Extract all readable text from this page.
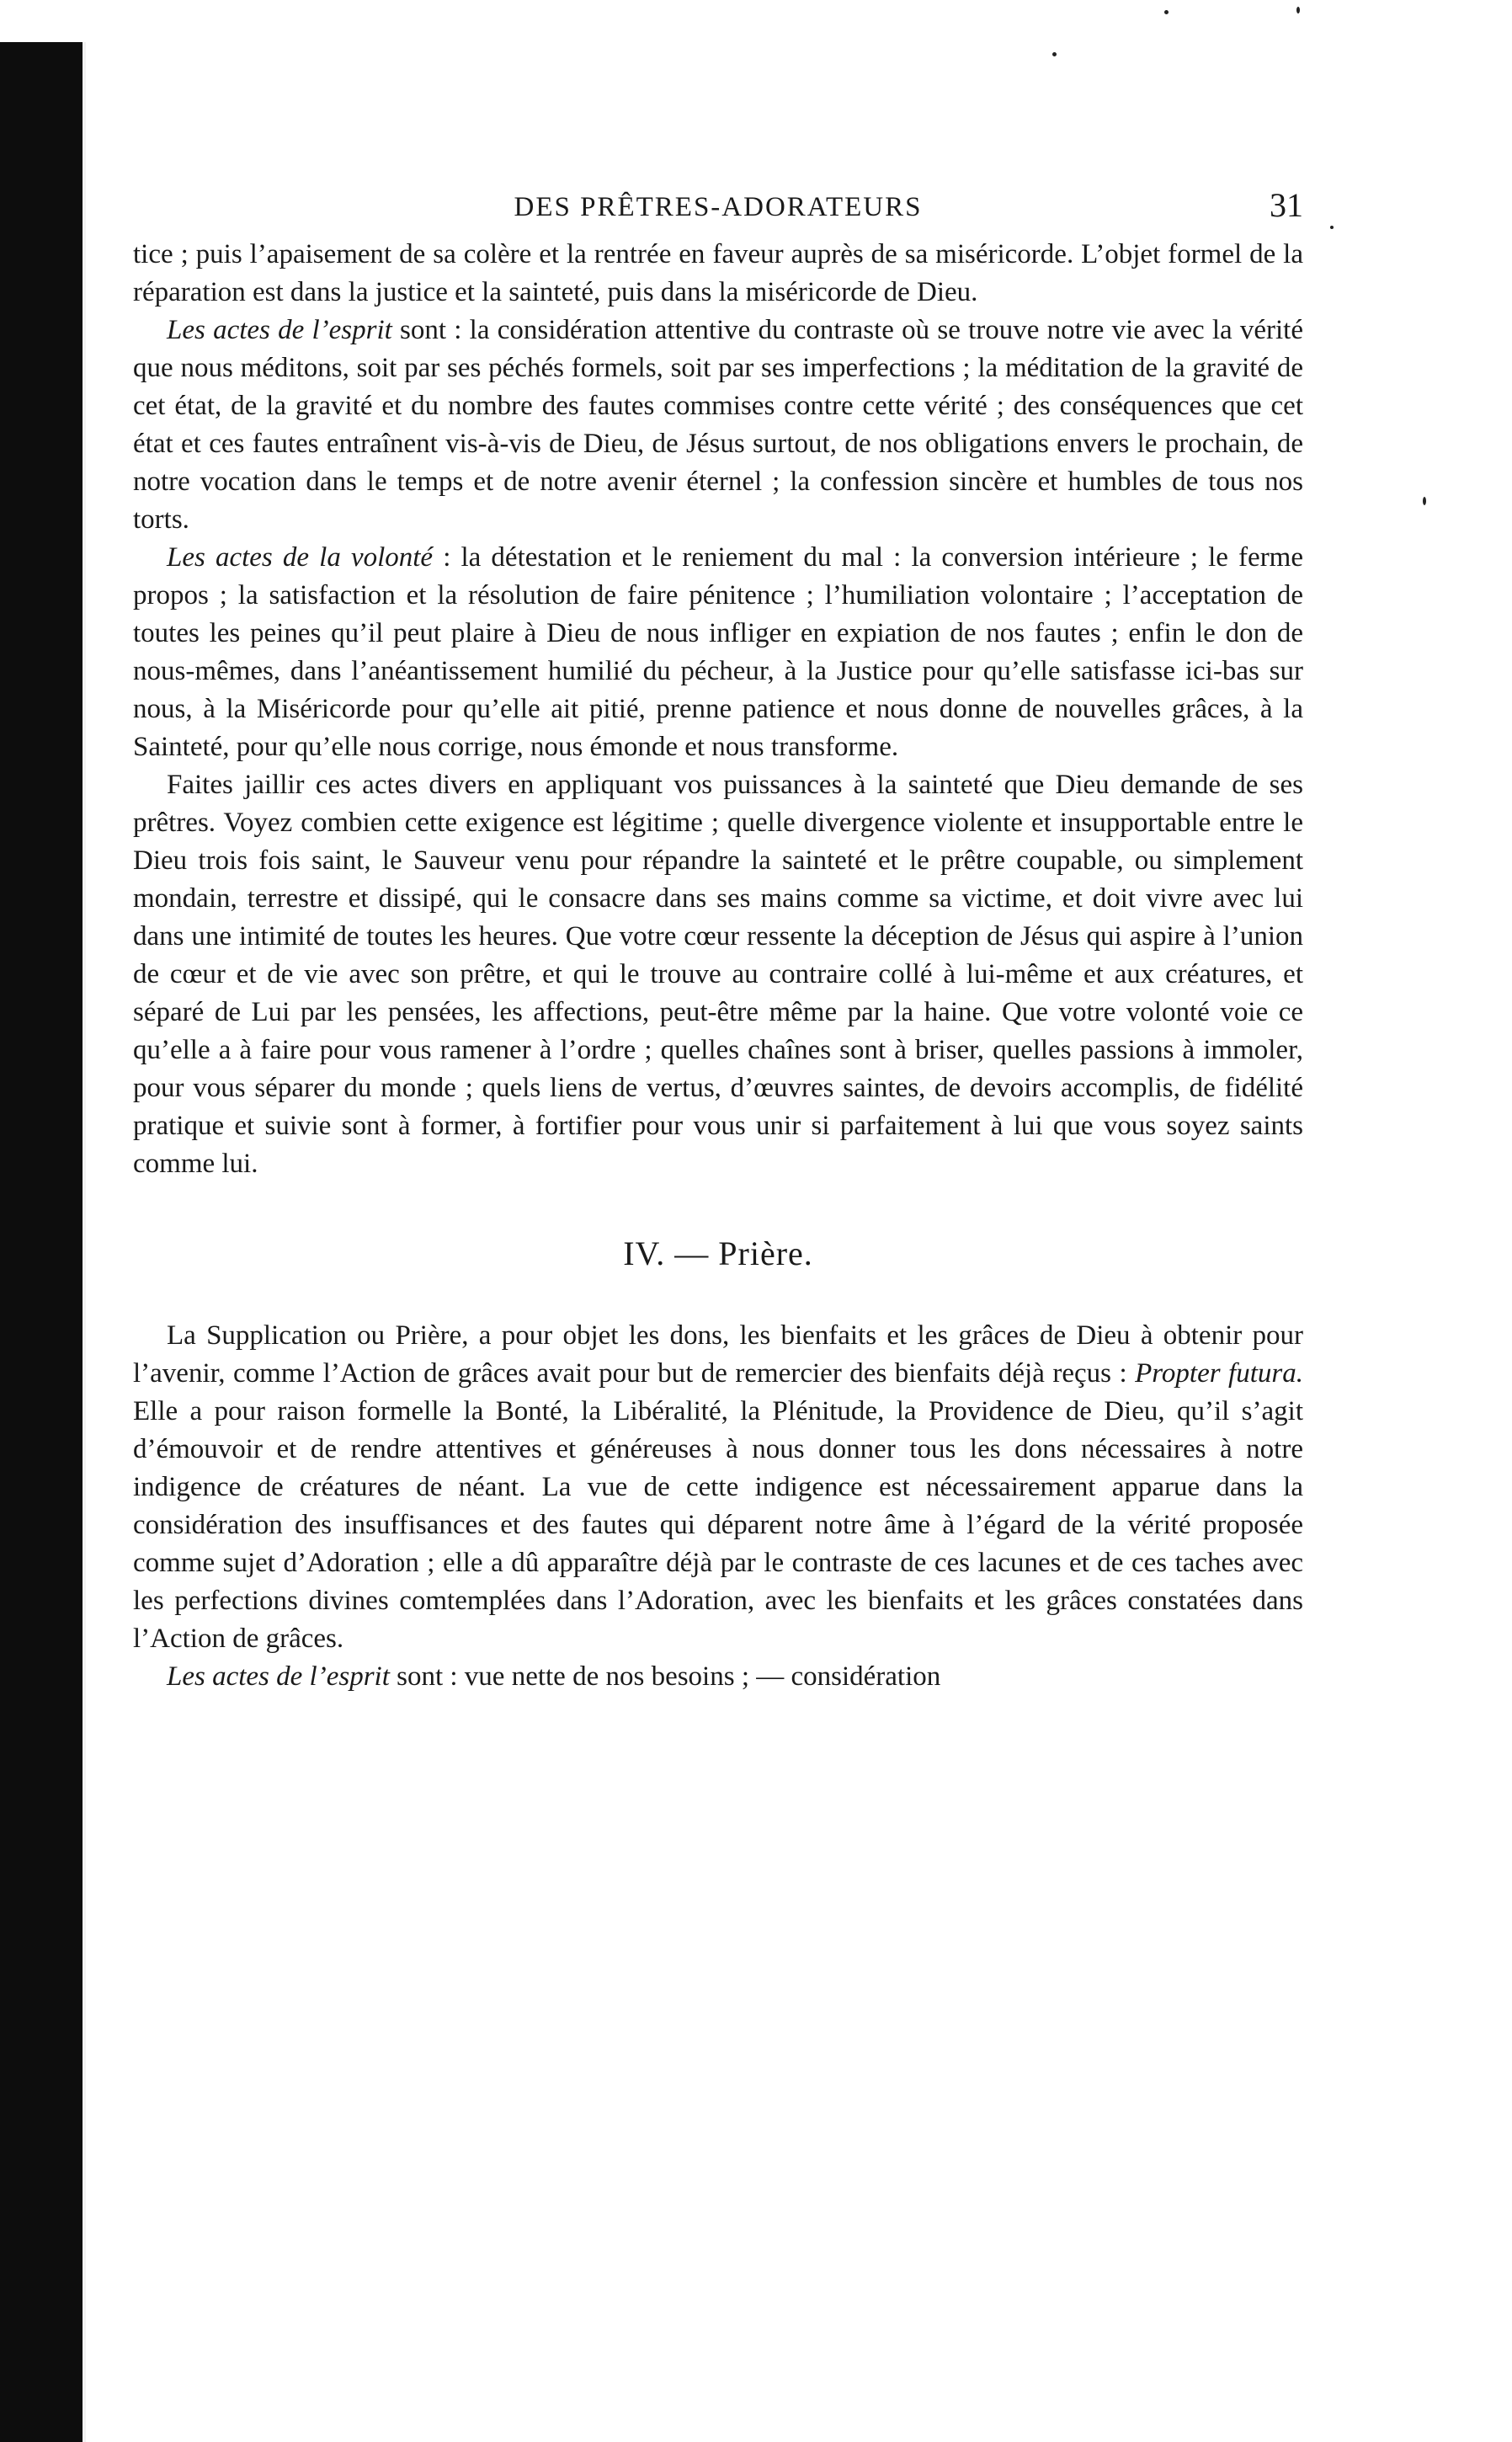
DES PRÊTRES-ADORATEURS	31

tice ; puis l’apaisement de sa colère et la rentrée en faveur auprès de sa miséricorde. L’objet formel de la réparation est dans la justice et la sainteté, puis dans la miséricorde de Dieu.

Les actes de l’esprit sont : la considération attentive du contraste où se trouve notre vie avec la vérité que nous méditons, soit par ses péchés formels, soit par ses imperfections ; la méditation de la gravité de cet état, de la gravité et du nombre des fautes commises contre cette vérité ; des conséquences que cet état et ces fautes entraînent vis-à-vis de Dieu, de Jésus surtout, de nos obligations envers le prochain, de notre vocation dans le temps et de notre avenir éternel ; la confession sincère et humbles de tous nos torts.

Les actes de la volonté : la détestation et le reniement du mal : la conversion intérieure ; le ferme propos ; la satisfaction et la résolution de faire pénitence ; l’humiliation volontaire ; l’acceptation de toutes les peines qu’il peut plaire à Dieu de nous infliger en expiation de nos fautes ; enfin le don de nous-mêmes, dans l’anéantissement humilié du pécheur, à la Justice pour qu’elle satisfasse ici-bas sur nous, à la Miséricorde pour qu’elle ait pitié, prenne patience et nous donne de nouvelles grâces, à la Sainteté, pour qu’elle nous corrige, nous émonde et nous transforme.

Faites jaillir ces actes divers en appliquant vos puissances à la sainteté que Dieu demande de ses prêtres. Voyez combien cette exigence est légitime ; quelle divergence violente et insupportable entre le Dieu trois fois saint, le Sauveur venu pour répandre la sainteté et le prêtre coupable, ou simplement mondain, terrestre et dissipé, qui le consacre dans ses mains comme sa victime, et doit vivre avec lui dans une intimité de toutes les heures. Que votre cœur ressente la déception de Jésus qui aspire à l’union de cœur et de vie avec son prêtre, et qui le trouve au contraire collé à lui-même et aux créatures, et séparé de Lui par les pensées, les affections, peut-être même par la haine. Que votre volonté voie ce qu’elle a à faire pour vous ramener à l’ordre ; quelles chaînes sont à briser, quelles passions à immoler, pour vous séparer du monde ; quels liens de vertus, d’œuvres saintes, de devoirs accomplis, de fidélité pratique et suivie sont à former, à fortifier pour vous unir si parfaitement à lui que vous soyez saints comme lui.

IV. — Prière.

La Supplication ou Prière, a pour objet les dons, les bienfaits et les grâces de Dieu à obtenir pour l’avenir, comme l’Action de grâces avait pour but de remercier des bienfaits déjà reçus : Propter futura. Elle a pour raison formelle la Bonté, la Libéralité, la Plénitude, la Providence de Dieu, qu’il s’agit d’émouvoir et de rendre attentives et généreuses à nous donner tous les dons nécessaires à notre indigence de créatures de néant. La vue de cette indigence est nécessairement apparue dans la considération des insuffisances et des fautes qui déparent notre âme à l’égard de la vérité proposée comme sujet d’Adoration ; elle a dû apparaître déjà par le contraste de ces lacunes et de ces taches avec les perfections divines comtemplées dans l’Adoration, avec les bienfaits et les grâces constatées dans l’Action de grâces.

Les actes de l’esprit sont : vue nette de nos besoins ; — considération
